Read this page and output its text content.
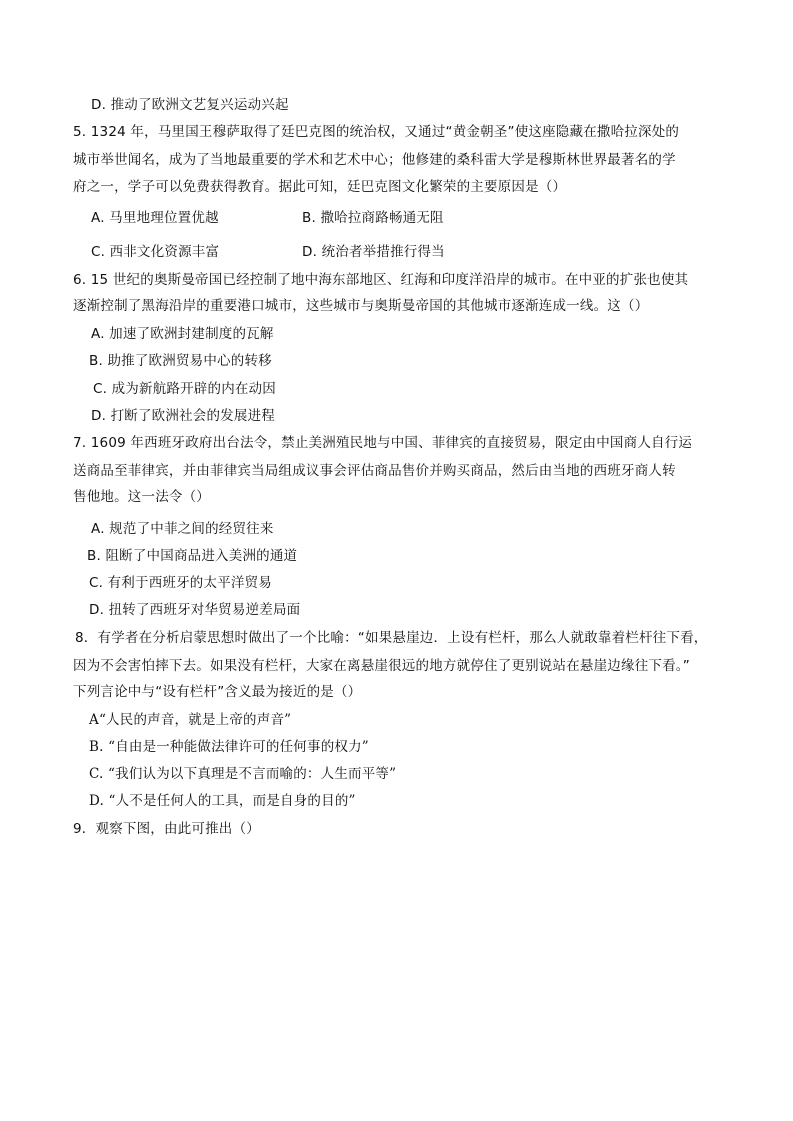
D. 推动了欧洲文艺复兴运动兴起
5. 1324 年，马里国王穆萨取得了廷巴克图的统治权，又通过“黄金朝圣”使这座隐藏在撒哈拉深处的
城市举世闻名，成为了当地最重要的学术和艺术中心；他修建的桑科雷大学是穆斯林世界最著名的学
府之一，学子可以免费获得教育。据此可知，廷巴克图文化繁荣的主要原因是（）
A. 马里地理位置优越	B. 撒哈拉商路畅通无阻
C. 西非文化资源丰富	D. 统治者举措推行得当
6. 15 世纪的奥斯曼帝国已经控制了地中海东部地区、红海和印度洋沿岸的城市。在中亚的扩张也使其
逐渐控制了黑海沿岸的重要港口城市，这些城市与奥斯曼帝国的其他城市逐渐连成一线。这（）
A. 加速了欧洲封建制度的瓦解
B. 助推了欧洲贸易中心的转移
C. 成为新航路开辟的内在动因
D. 打断了欧洲社会的发展进程
7. 1609 年西班牙政府出台法令，禁止美洲殖民地与中国、菲律宾的直接贸易，限定由中国商人自行运
送商品至菲律宾，并由菲律宾当局组成议事会评估商品售价并购买商品，然后由当地的西班牙商人转
售他地。这一法令（）
A. 规范了中菲之间的经贸往来
B. 阻断了中国商品进入美洲的通道
C. 有利于西班牙的太平洋贸易
D. 扭转了西班牙对华贸易逆差局面
8．有学者在分析启蒙思想时做出了一个比喻：“如果悬崖边．上设有栏杆，那么人就敢靠着栏杆往下看，
因为不会害怕摔下去。如果没有栏杆，大家在离悬崖很远的地方就停住了更别说站在悬崖边缘往下看。”
下列言论中与“设有栏杆”含义最为接近的是（）
A“人民的声音，就是上帝的声音”
B. “自由是一种能做法律许可的任何事的权力”
C. “我们认为以下真理是不言而喻的：人生而平等”
D. “人不是任何人的工具，而是自身的目的”
9．观察下图，由此可推出（）
